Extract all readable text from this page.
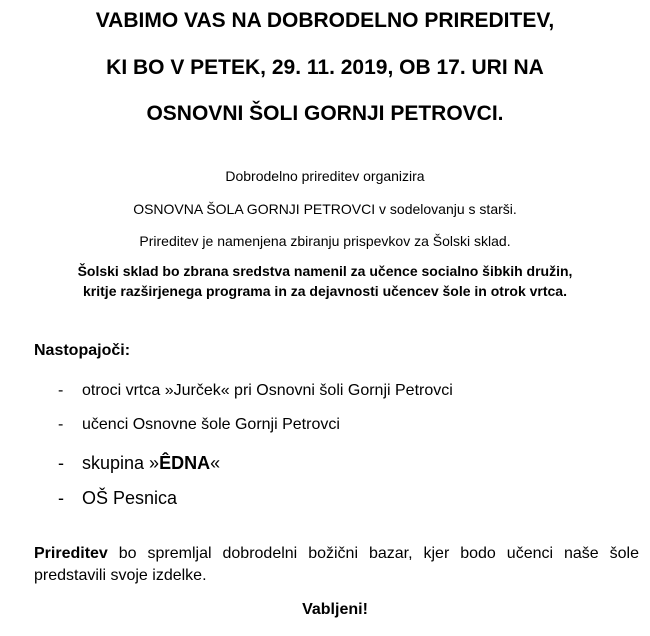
VABIMO VAS NA DOBRODELNO PRIREDITEV,
KI BO V PETEK, 29. 11. 2019, OB 17. URI NA
OSNOVNI ŠOLI GORNJI PETROVCI.
Dobrodelno prireditev organizira
OSNOVNA ŠOLA GORNJI PETROVCI v sodelovanju s starši.
Prireditev je namenjena zbiranju prispevkov za Šolski sklad.
Šolski sklad bo zbrana sredstva namenil za učence socialno šibkih družin,
kritje razširjenega programa in za dejavnosti učencev šole in otrok vrtca.
Nastopajoči:
- otroci vrtca »Jurček« pri Osnovni šoli Gornji Petrovci
- učenci Osnovne šole Gornji Petrovci
- skupina »ÊDNA«
- OŠ Pesnica
Prireditev bo spremljal dobrodelni božični bazar, kjer bodo učenci naše šole
predstavili svoje izdelke.
Vabljeni!
